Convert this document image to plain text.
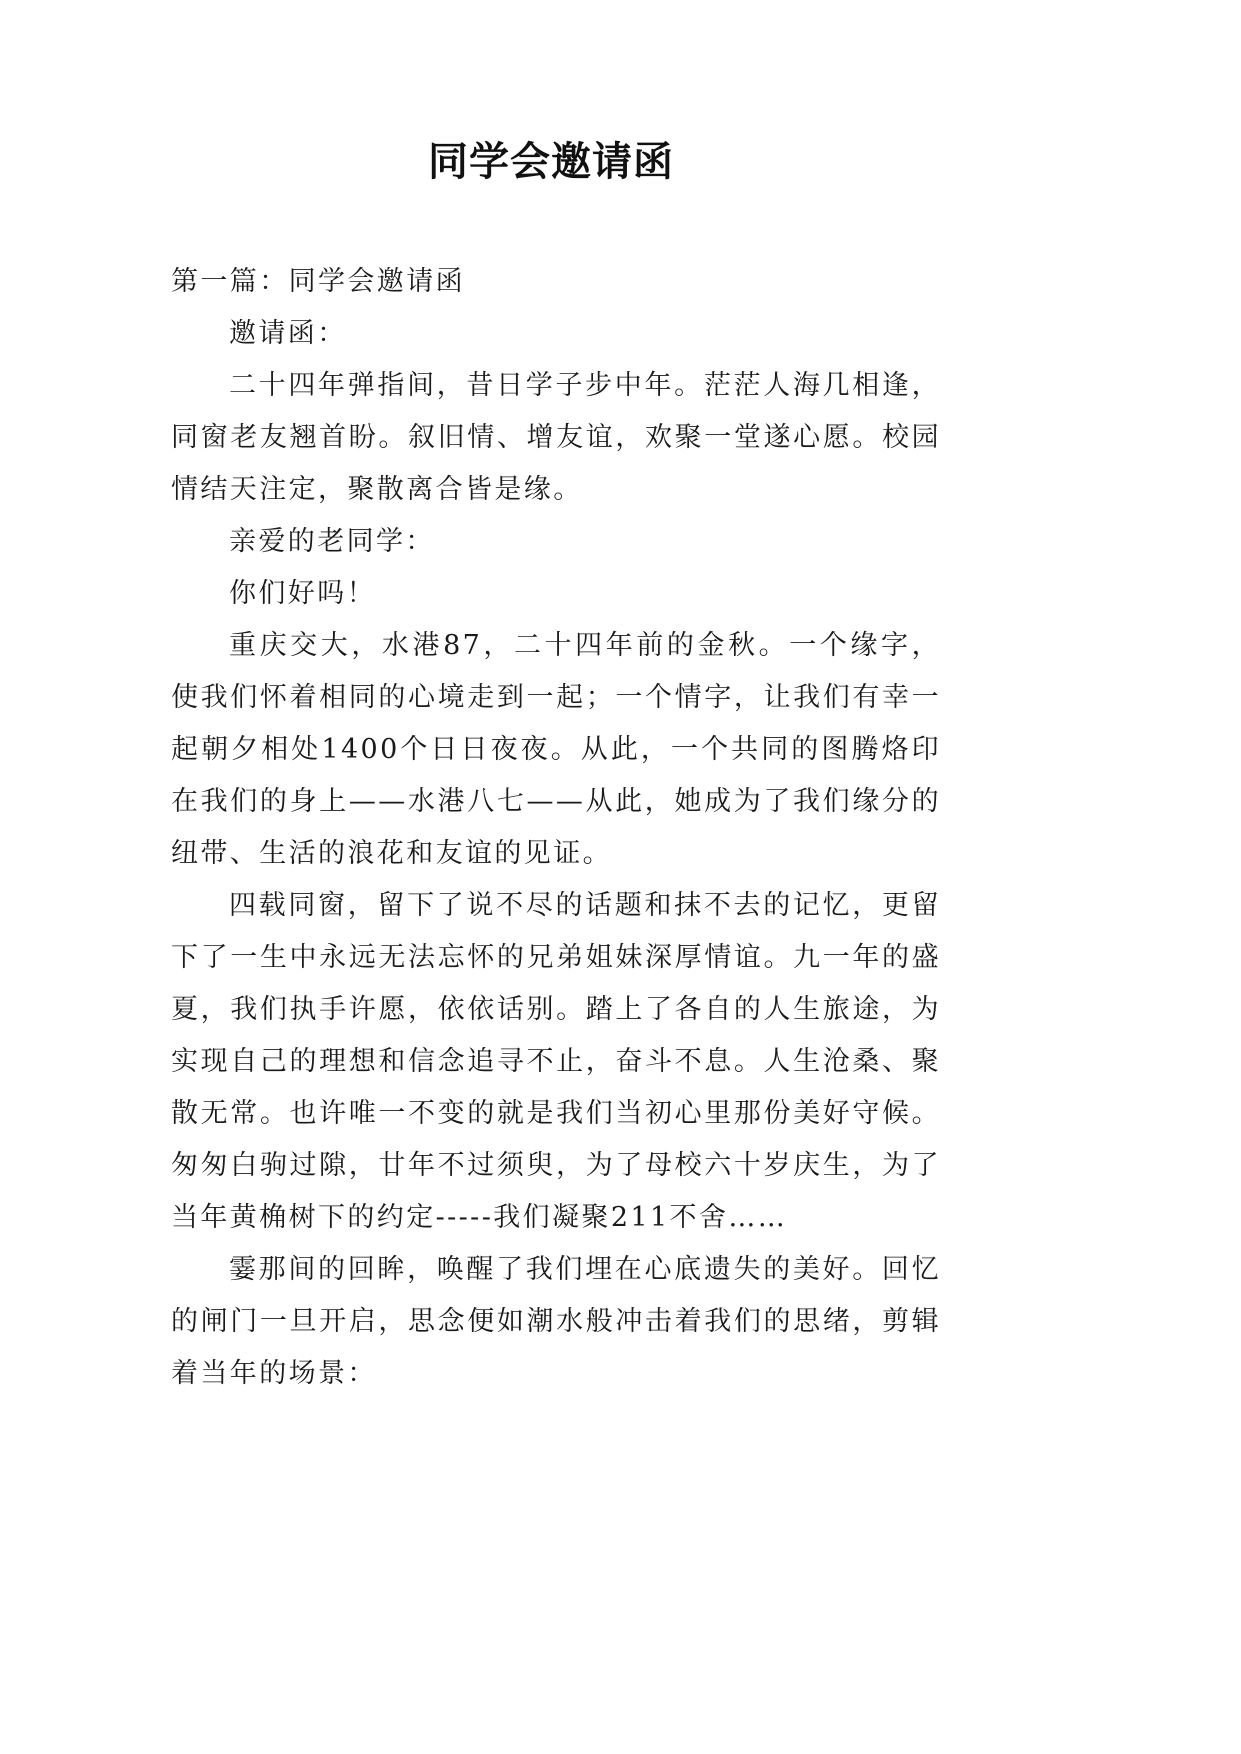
同学会邀请函

第一篇：同学会邀请函

邀请函：

二十四年弹指间，昔日学子步中年。茫茫人海几相逢，同窗老友翘首盼。叙旧情、增友谊，欢聚一堂遂心愿。校园情结天注定，聚散离合皆是缘。

亲爱的老同学：

你们好吗！

重庆交大，水港87，二十四年前的金秋。一个缘字，使我们怀着相同的心境走到一起；一个情字，让我们有幸一起朝夕相处1400个日日夜夜。从此，一个共同的图腾烙印在我们的身上——水港八七——从此，她成为了我们缘分的纽带、生活的浪花和友谊的见证。

四载同窗，留下了说不尽的话题和抹不去的记忆，更留下了一生中永远无法忘怀的兄弟姐妹深厚情谊。九一年的盛夏，我们执手许愿，依依话别。踏上了各自的人生旅途，为实现自己的理想和信念追寻不止，奋斗不息。人生沧桑、聚散无常。也许唯一不变的就是我们当初心里那份美好守候。匆匆白驹过隙，廿年不过须臾，为了母校六十岁庆生，为了当年黄桷树下的约定-----我们凝聚211不舍……

霎那间的回眸，唤醒了我们埋在心底遗失的美好。回忆的闸门一旦开启，思念便如潮水般冲击着我们的思绪，剪辑着当年的场景：
